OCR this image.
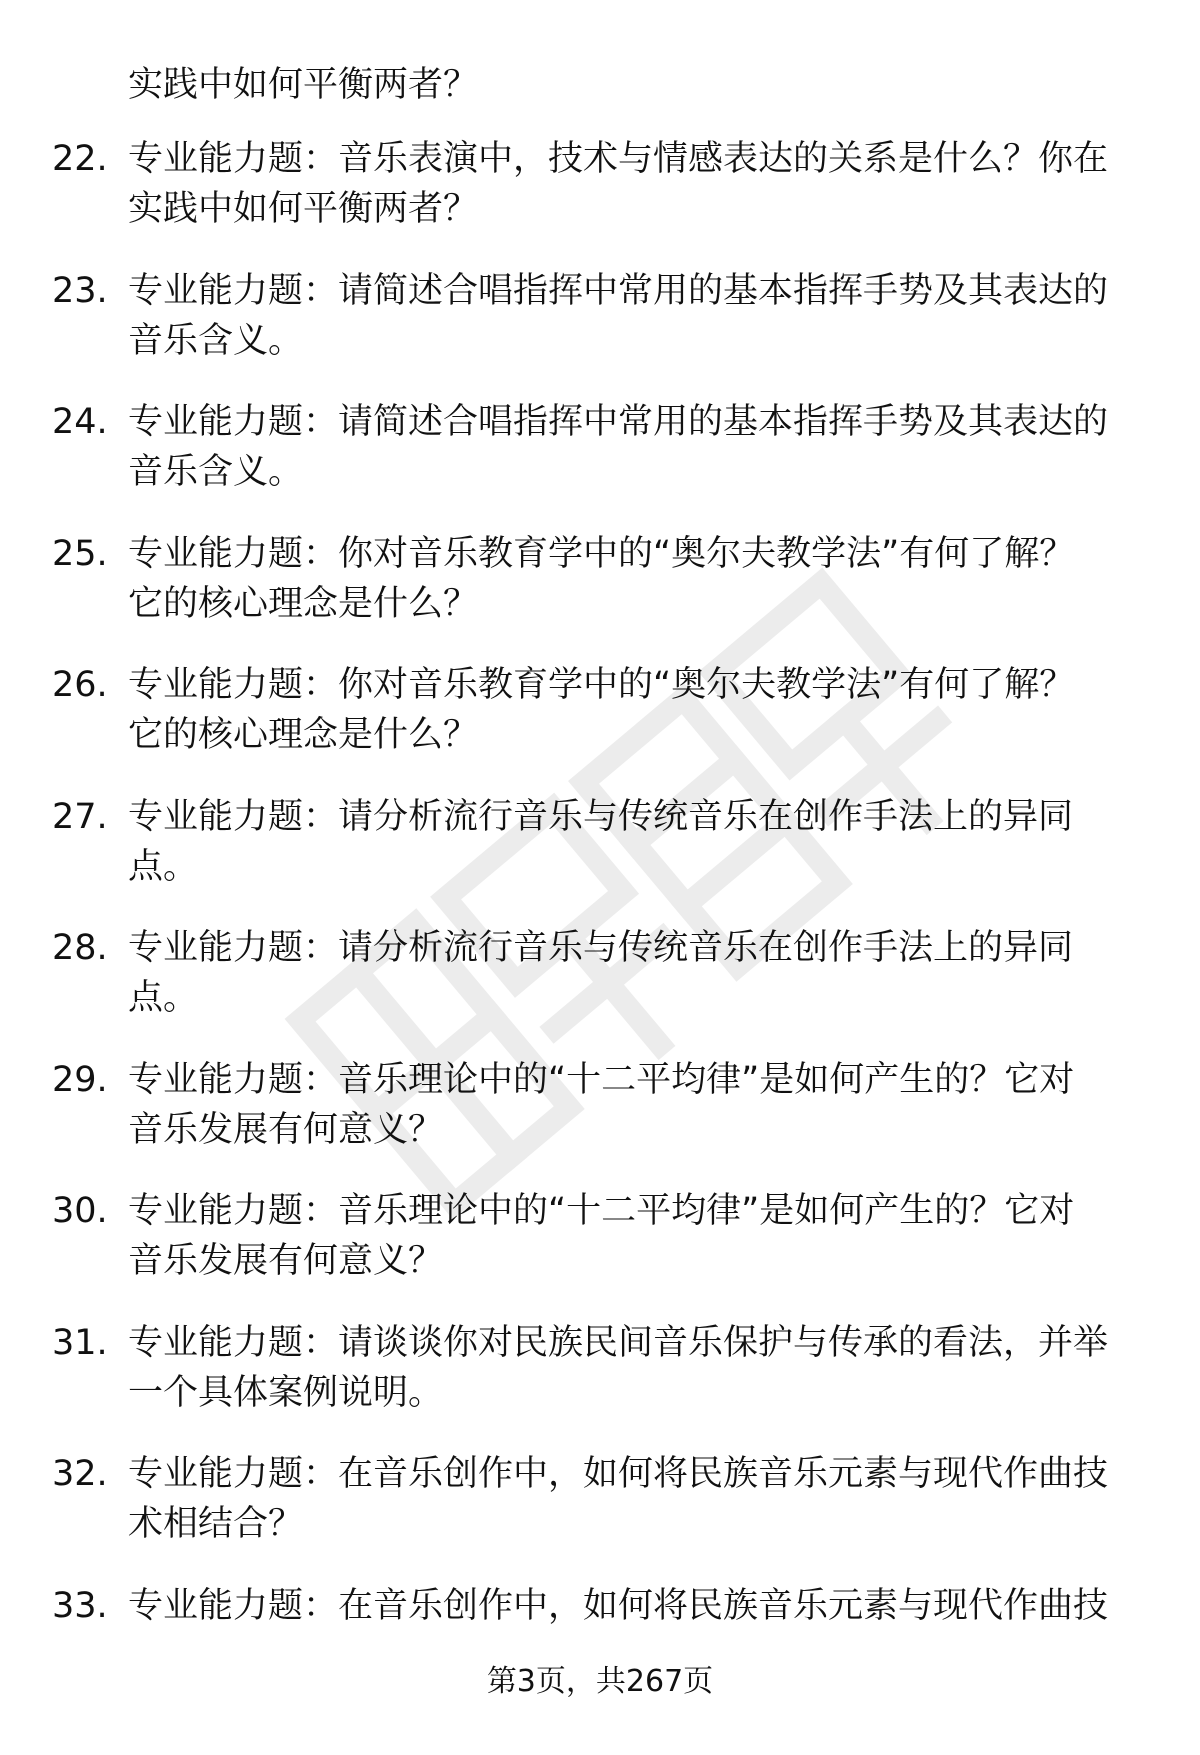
实践中如何平衡两者？
22. 专业能力题：音乐表演中，技术与情感表达的关系是什么？你在
实践中如何平衡两者？
23. 专业能力题：请简述合唱指挥中常用的基本指挥手势及其表达的
音乐含义。
24. 专业能力题：请简述合唱指挥中常用的基本指挥手势及其表达的
音乐含义。
25. 专业能力题：你对音乐教育学中的“奥尔夫教学法”有何了解？
它的核心理念是什么？
26. 专业能力题：你对音乐教育学中的“奥尔夫教学法”有何了解？
它的核心理念是什么？
27. 专业能力题：请分析流行音乐与传统音乐在创作手法上的异同
点。
28. 专业能力题：请分析流行音乐与传统音乐在创作手法上的异同
点。
29. 专业能力题：音乐理论中的“十二平均律”是如何产生的？它对
音乐发展有何意义？
30. 专业能力题：音乐理论中的“十二平均律”是如何产生的？它对
音乐发展有何意义？
31. 专业能力题：请谈谈你对民族民间音乐保护与传承的看法，并举
一个具体案例说明。
32. 专业能力题：在音乐创作中，如何将民族音乐元素与现代作曲技
术相结合？
33. 专业能力题：在音乐创作中，如何将民族音乐元素与现代作曲技
第3页，共267页
